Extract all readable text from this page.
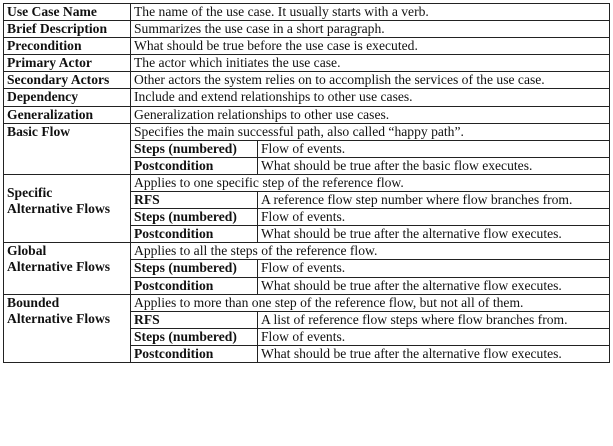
Use Case Name	The name of the use case. It usually starts with a verb.	
Brief Description	Summarizes the use case in a short paragraph.	
Precondition	What should be true before the use case is executed.	
Primary Actor	The actor which initiates the use case.	
Secondary Actors	Other actors the system relies on to accomplish the services of the use case.	
Dependency	Include and extend relationships to other use cases.	
Generalization	Generalization relationships to other use cases.	
Basic Flow	Specifies the main successful path, also called “happy path”.	
	Steps (numbered)	Flow of events.
	Postcondition	What should be true after the basic flow executes.
Specific
Alternative Flows	Applies to one specific step of the reference flow.	
	RFS	A reference flow step number where flow branches from.
	Steps (numbered)	Flow of events.
	Postcondition	What should be true after the alternative flow executes.
Global
Alternative Flows	Applies to all the steps of the reference flow.	
	Steps (numbered)	Flow of events.
	Postcondition	What should be true after the alternative flow executes.
Bounded
Alternative Flows	Applies to more than one step of the reference flow, but not all of them.	
	RFS	A list of reference flow steps where flow branches from.
	Steps (numbered)	Flow of events.
	Postcondition	What should be true after the alternative flow executes.
